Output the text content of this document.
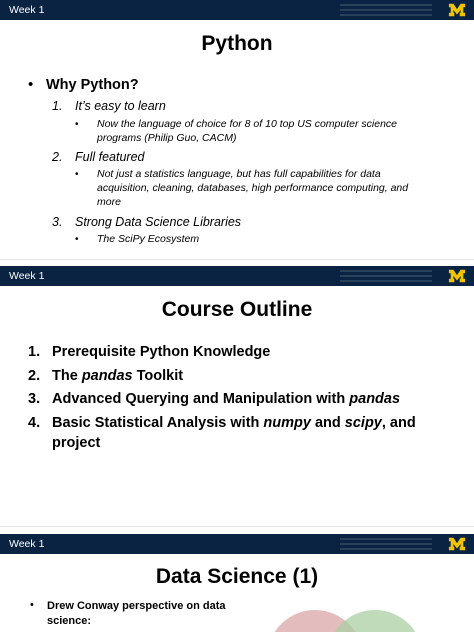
Week 1
Python
• Why Python?
1. It’s easy to learn
• Now the language of choice for 8 of 10 top US computer science
programs (Philip Guo, CACM)
2. Full featured
• Not just a statistics language, but has full capabilities for data
acquisition, cleaning, databases, high performance computing, and
more
3. Strong Data Science Libraries
• The SciPy Ecosystem
Week 1
Course Outline
1. Prerequisite Python Knowledge
2. The pandas Toolkit
3. Advanced Querying and Manipulation with pandas
4. Basic Statistical Analysis with numpy and scipy, and
project
Week 1
Data Science (1)
• Drew Conway perspective on data
science:
